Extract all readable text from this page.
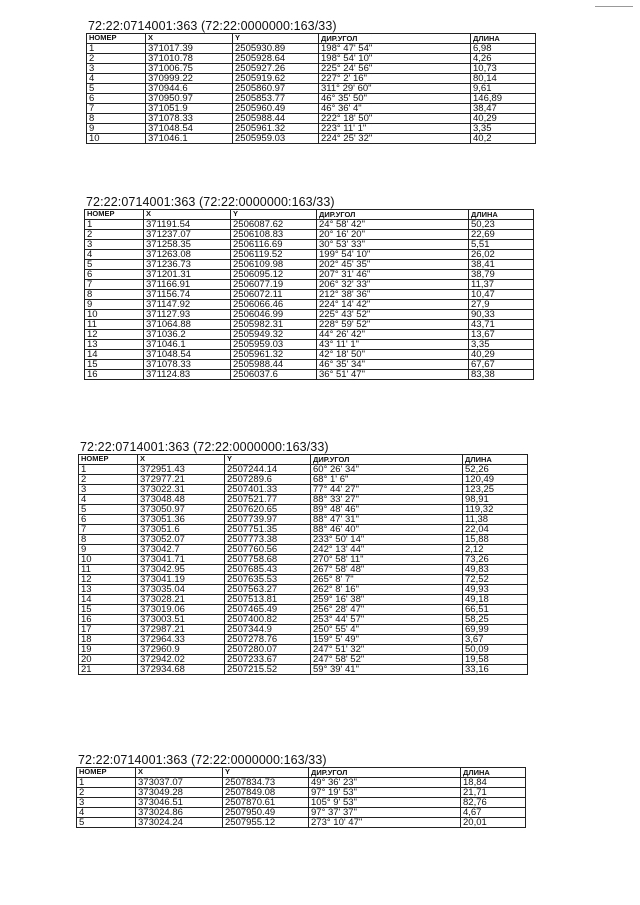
72:22:0714001:363 (72:22:0000000:163/33)
НОМЕР	X	Y	ДИР.УГОЛ	ДЛИНА
1	371017.39	2505930.89	198° 47' 54"	6,98
2	371010.78	2505928.64	198° 54' 10"	4,26
3	371006.75	2505927.26	225° 24' 56"	10,73
4	370999.22	2505919.62	227° 2' 16"	80,14
5	370944.6	2505860.97	311° 29' 60"	9,61
6	370950.97	2505853.77	46° 35' 50"	146,89
7	371051.9	2505960.49	46° 36' 4"	38,47
8	371078.33	2505988.44	222° 18' 50"	40,29
9	371048.54	2505961.32	223° 11' 1"	3,35
10	371046.1	2505959.03	224° 25' 32"	40,2
72:22:0714001:363 (72:22:0000000:163/33)
НОМЕР	X	Y	ДИР.УГОЛ	ДЛИНА
1	371191.54	2506087.62	24° 58' 42"	50,23
2	371237.07	2506108.83	20° 16' 20"	22,69
3	371258.35	2506116.69	30° 53' 33"	5,51
4	371263.08	2506119.52	199° 54' 10"	26,02
5	371236.73	2506109.98	202° 45' 35"	38,41
6	371201.31	2506095.12	207° 31' 46"	38,79
7	371166.91	2506077.19	206° 32' 33"	11,37
8	371156.74	2506072.11	212° 38' 36"	10,47
9	371147.92	2506066.46	224° 14' 42"	27,9
10	371127.93	2506046.99	225° 43' 52"	90,33
11	371064.88	2505982.31	228° 59' 52"	43,71
12	371036.2	2505949.32	44° 26' 42"	13,67
13	371046.1	2505959.03	43° 11' 1"	3,35
14	371048.54	2505961.32	42° 18' 50"	40,29
15	371078.33	2505988.44	46° 35' 34"	67,67
16	371124.83	2506037.6	36° 51' 47"	83,38
72:22:0714001:363 (72:22:0000000:163/33)
НОМЕР	X	Y	ДИР.УГОЛ	ДЛИНА
1	372951.43	2507244.14	60° 26' 34"	52,26
2	372977.21	2507289.6	68° 1' 6"	120,49
3	373022.31	2507401.33	77° 44' 27"	123,25
4	373048.48	2507521.77	88° 33' 27"	98,91
5	373050.97	2507620.65	89° 48' 46"	119,32
6	373051.36	2507739.97	88° 47' 31"	11,38
7	373051.6	2507751.35	88° 46' 40"	22,04
8	373052.07	2507773.38	233° 50' 14"	15,88
9	373042.7	2507760.56	242° 13' 44"	2,12
10	373041.71	2507758.68	270° 58' 11"	73,26
11	373042.95	2507685.43	267° 58' 48"	49,83
12	373041.19	2507635.53	265° 8' 7"	72,52
13	373035.04	2507563.27	262° 8' 16"	49,93
14	373028.21	2507513.81	259° 16' 38"	49,18
15	373019.06	2507465.49	256° 28' 47"	66,51
16	373003.51	2507400.82	253° 44' 57"	58,25
17	372987.21	2507344.9	250° 55' 4"	69,99
18	372964.33	2507278.76	159° 5' 49"	3,67
19	372960.9	2507280.07	247° 51' 32"	50,09
20	372942.02	2507233.67	247° 58' 52"	19,58
21	372934.68	2507215.52	59° 39' 41"	33,16
72:22:0714001:363 (72:22:0000000:163/33)
НОМЕР	X	Y	ДИР.УГОЛ	ДЛИНА
1	373037.07	2507834.73	49° 36' 23"	18,84
2	373049.28	2507849.08	97° 19' 53"	21,71
3	373046.51	2507870.61	105° 9' 53"	82,76
4	373024.86	2507950.49	97° 37' 37"	4,67
5	373024.24	2507955.12	273° 10' 47"	20,01
